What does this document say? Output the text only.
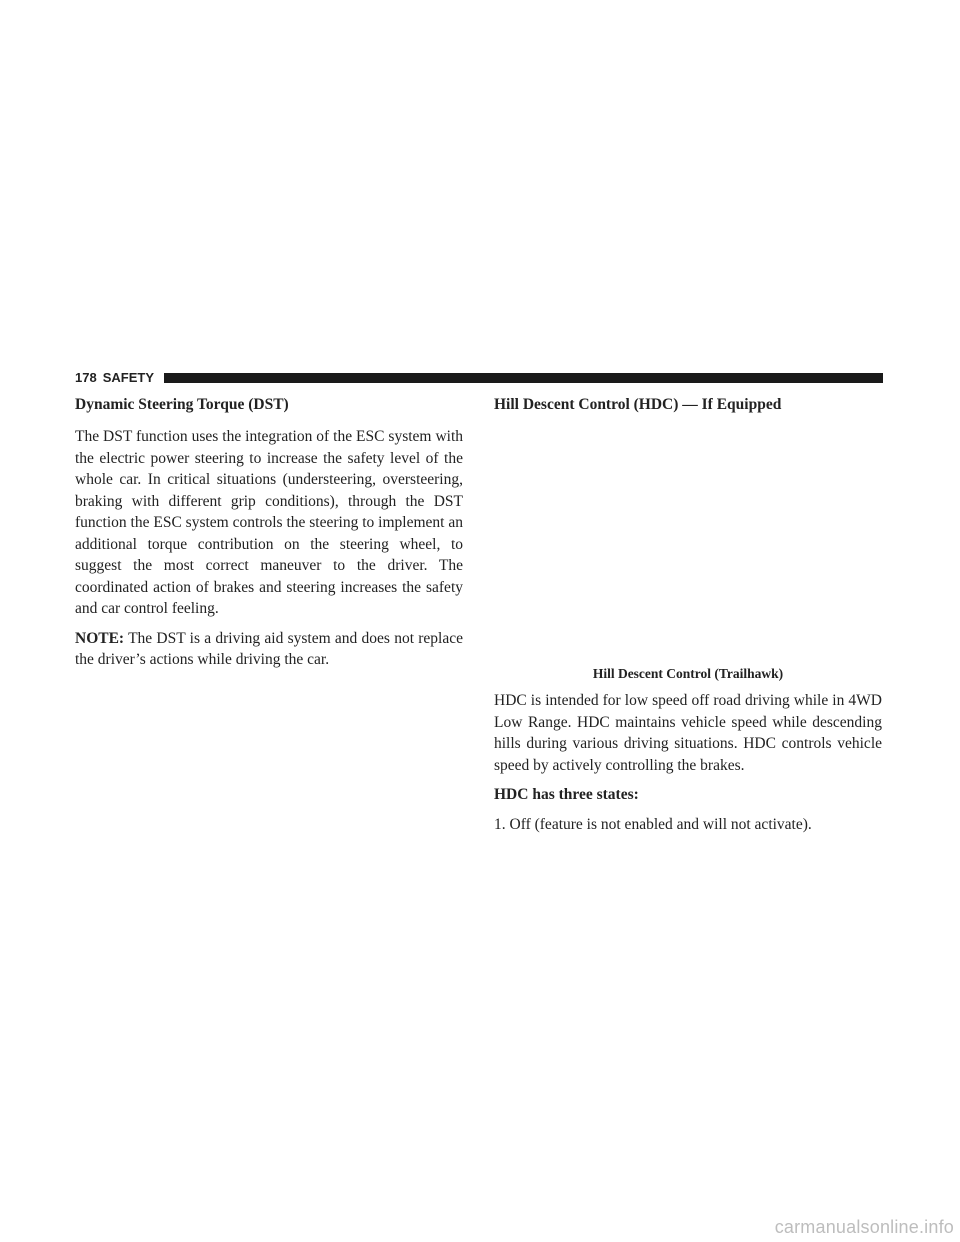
178 SAFETY
Dynamic Steering Torque (DST)

The DST function uses the integration of the ESC system with the electric power steering to increase the safety level of the whole car. In critical situations (understeering, oversteering, braking with different grip conditions), through the DST function the ESC system controls the steering to implement an additional torque contribution on the steering wheel, to suggest the most correct maneuver to the driver. The coordinated action of brakes and steering increases the safety and car control feeling.

NOTE: The DST is a driving aid system and does not replace the driver’s actions while driving the car.

Hill Descent Control (HDC) — If Equipped
Hill Descent Control (Trailhawk)

HDC is intended for low speed off road driving while in 4WD Low Range. HDC maintains vehicle speed while descending hills during various driving situations. HDC controls vehicle speed by actively controlling the brakes.

HDC has three states:

1. Off (feature is not enabled and will not activate).

carmanualsonline.info
